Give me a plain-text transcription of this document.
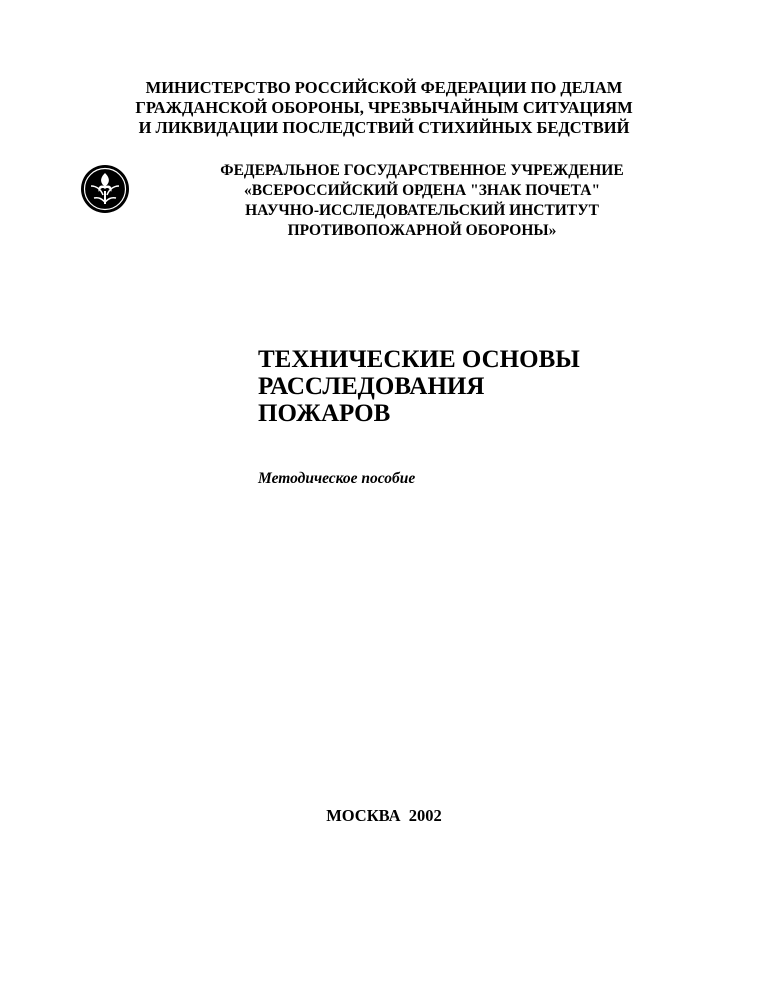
МИНИСТЕРСТВО РОССИЙСКОЙ ФЕДЕРАЦИИ ПО ДЕЛАМ
ГРАЖДАНСКОЙ ОБОРОНЫ, ЧРЕЗВЫЧАЙНЫМ СИТУАЦИЯМ
И ЛИКВИДАЦИИ ПОСЛЕДСТВИЙ СТИХИЙНЫХ БЕДСТВИЙ
ФЕДЕРАЛЬНОЕ ГОСУДАРСТВЕННОЕ УЧРЕЖДЕНИЕ
«ВСЕРОССИЙСКИЙ ОРДЕНА "ЗНАК ПОЧЕТА"
НАУЧНО-ИССЛЕДОВАТЕЛЬСКИЙ ИНСТИТУТ
ПРОТИВОПОЖАРНОЙ ОБОРОНЫ»
ТЕХНИЧЕСКИЕ ОСНОВЫ
РАССЛЕДОВАНИЯ
ПОЖАРОВ
Методическое пособие
МОСКВА  2002
